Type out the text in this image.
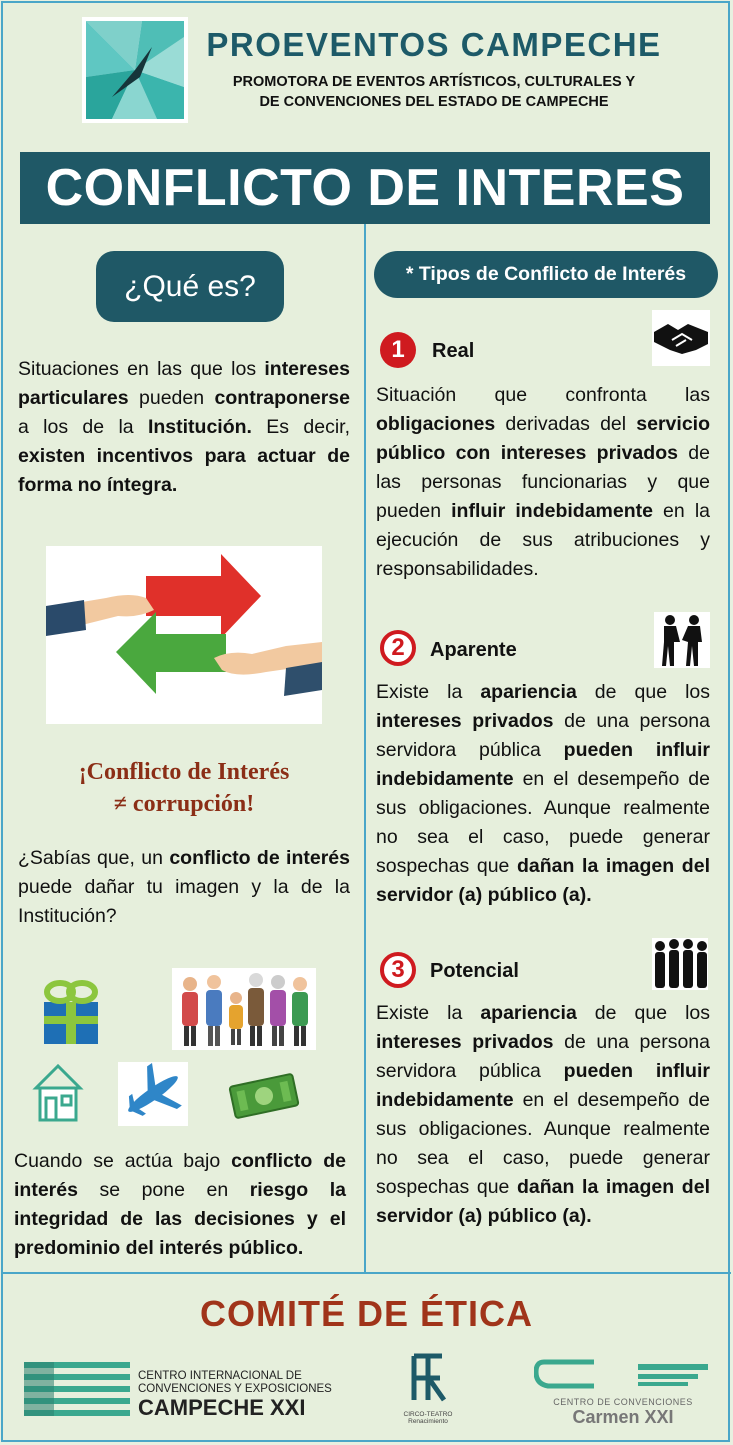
PROEVENTOS CAMPECHE
PROMOTORA DE EVENTOS ARTÍSTICOS, CULTURALES Y
DE CONVENCIONES DEL ESTADO DE CAMPECHE
CONFLICTO DE INTERES
¿Qué es?
Situaciones en las que los intereses particulares pueden contraponerse a los de la Institución. Es decir, existen incentivos para actuar de forma no íntegra.
¡Conflicto de Interés
≠ corrupción!
¿Sabías que, un conflicto de interés puede dañar tu imagen y la de la Institución?
Cuando se actúa bajo conflicto de interés se pone en riesgo la integridad de las decisiones y el predominio del interés público.
* Tipos de Conflicto de Interés
1	Real
Situación que confronta las obligaciones derivadas del servicio público con intereses privados de las personas funcionarias y que pueden influir indebidamente en la ejecución de sus atribuciones y responsabilidades.
2	Aparente
Existe la apariencia de que los intereses privados de una persona servidora pública pueden influir indebidamente en el desempeño de sus obligaciones. Aunque realmente no sea el caso, puede generar sospechas que dañan la imagen del servidor (a) público (a).
3	Potencial
Existe la apariencia de que los intereses privados de una persona servidora pública pueden influir indebidamente en el desempeño de sus obligaciones. Aunque realmente no sea el caso, puede generar sospechas que dañan la imagen del servidor (a) público (a).
COMITÉ DE ÉTICA
CENTRO INTERNACIONAL DE
CONVENCIONES Y EXPOSICIONES
CAMPECHE XXI	CIRCO-TEATRO
Renacimiento
CENTRO DE CONVENCIONES
Carmen XXI
